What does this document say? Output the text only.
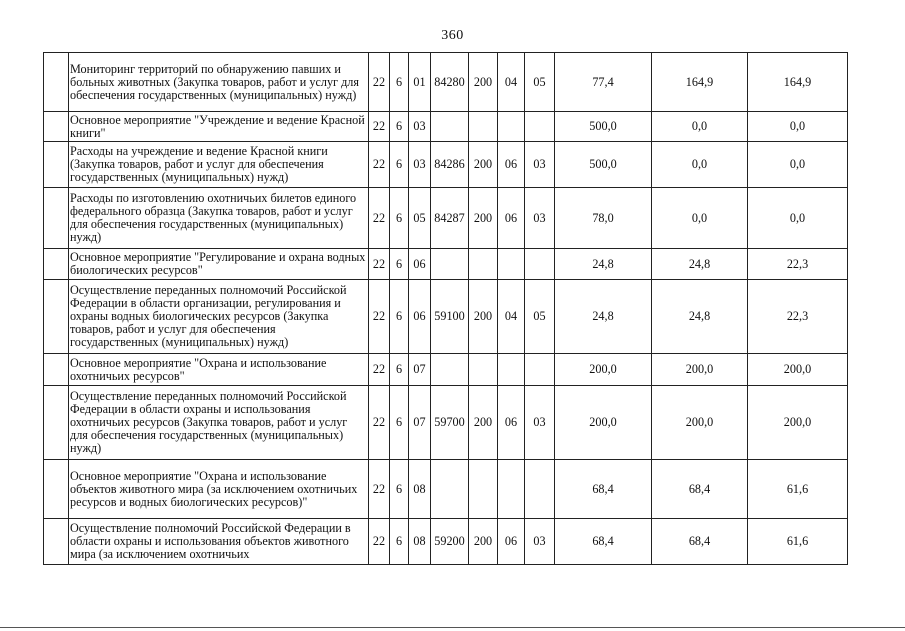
360
	Мониторинг территорий по обнаружению павших и больных животных (Закупка товаров, работ и услуг для обеспечения государственных (муниципальных) нужд)	22	6	01	84280	200	04	05	77,4	164,9	164,9
	Основное мероприятие "Учреждение и ведение Красной книги"	22	6	03					500,0	0,0	0,0
	Расходы на учреждение и ведение Красной книги (Закупка товаров, работ и услуг для обеспечения государственных (муниципальных) нужд)	22	6	03	84286	200	06	03	500,0	0,0	0,0
	Расходы по изготовлению охотничьих билетов единого федерального образца (Закупка товаров, работ и услуг для обеспечения государственных (муниципальных) нужд)	22	6	05	84287	200	06	03	78,0	0,0	0,0
	Основное мероприятие "Регулирование и охрана водных биологических ресурсов"	22	6	06					24,8	24,8	22,3
	Осуществление переданных полномочий Российской Федерации в области организации, регулирования и охраны водных биологических ресурсов (Закупка товаров, работ и услуг для обеспечения государственных (муниципальных) нужд)	22	6	06	59100	200	04	05	24,8	24,8	22,3
	Основное мероприятие "Охрана и использование охотничьих ресурсов"	22	6	07					200,0	200,0	200,0
	Осуществление переданных полномочий Российской Федерации в области охраны и использования охотничьих ресурсов (Закупка товаров, работ и услуг для обеспечения государственных (муниципальных) нужд)	22	6	07	59700	200	06	03	200,0	200,0	200,0
	Основное мероприятие "Охрана и использование объектов животного мира (за исключением охотничьих ресурсов и водных биологических ресурсов)"	22	6	08					68,4	68,4	61,6
	Осуществление полномочий Российской Федерации в области охраны и использования объектов животного мира (за исключением охотничьих	22	6	08	59200	200	06	03	68,4	68,4	61,6
